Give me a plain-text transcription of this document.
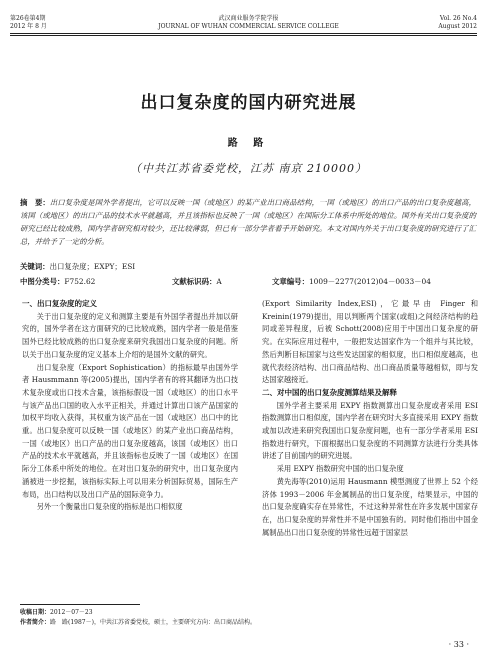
第26卷第4期
2012 年 8 月
武汉商业服务学院学报
JOURNAL OF WUHAN COMMERCIAL SERVICE COLLEGE
Vol. 26 No.4
August 2012
出口复杂度的国内研究进展
路 路
（中共江苏省委党校，江苏 南京 210000）
摘　要：出口复杂度是国外学者提出，它可以反映一国（或地区）的某产业出口商品结构，一国（或地区）的出口产品的出口复杂度越高，该国（或地区）的出口产品的技术水平就越高，并且该指标也反映了一国（或地区）在国际分工体系中所处的地位。国外有关出口复杂度的研究已经比较成熟，国内学者研究相对较少，还比较薄弱，但已有一部分学者着手开始研究。本文对国内外关于出口复杂度的研究进行了汇总，并给予了一定的分析。
关键词：出口复杂度；EXPY；ESI
中图分类号：F752.62	文献标识码：A	文章编号：1009－2277(2012)04－0033－04
一、出口复杂度的定义

关于出口复杂度的定义和测算主要是有外国学者提出并加以研究的，国外学者在这方面研究的已比较成熟，国内学者一般是借鉴国外已经比较成熟的出口复杂度来研究我国出口复杂度的问题。所以关于出口复杂度的定义基本上介绍的是国外文献的研究。

出口复杂度（Export Sophistication）的指标最早由国外学者 Hausmmann 等(2005)提出，国内学者有的将其翻译为出口技术复杂度或出口技术含量，该指标假设一国（或地区）的出口水平与该产品出口国的收入水平正相关，并通过计算出口该产品国家的加权平均收入获得，其权重为该产品在一国（或地区）出口中的比重。出口复杂度可以反映一国（或地区）的某产业出口商品结构，一国（或地区）出口产品的出口复杂度越高，该国（或地区）出口产品的技术水平就越高，并且该指标也反映了一国（或地区）在国际分工体系中所处的地位。在对出口复杂的研究中，出口复杂度内涵被进一步挖掘，该指标实际上可以用来分析国际贸易，国际生产布局，出口结构以及出口产品的国际竞争力。

另外一个衡量出口复杂度的指标是出口相似度

(Export Similarity Index,ESI)，它最早由 Finger 和 Kreinin(1979)提出，用以判断两个国家(或组)之间经济结构的趋同或差异程度，后被 Schott(2008)应用于中国出口复杂度的研究。在实际应用过程中，一般把发达国家作为一个组并与其比较，然后判断目标国家与这些发达国家的相似度，出口相似度越高，也就代表经济结构、出口商品结构、出口商品质量等越相似，即与发达国家越接近。

二、对中国的出口复杂度测算结果及解释

国外学者主要采用 EXPY 指数测算出口复杂度或者采用 ESI 指数测算出口相似度，国内学者在研究时大多直接采用 EXPY 指数或加以改进来研究我国出口复杂度问题，也有一部分学者采用 ESI 指数进行研究，下面根据出口复杂度的不同测算方法进行分类具体讲述了目前国内的研究进展。

采用 EXPY 指数研究中国的出口复杂度

黄先海等(2010)运用 Hausmann 模型测度了世界上 52 个经济体 1993－2006 年金属制品的出口复杂度，结果显示，中国的出口复杂度确实存在异常性，不过这种异常性在许多发展中国家存在，出口复杂度的异常性并不是中国独有的。同时他们指出中国金属制品出口出口复杂度的异常性远超于国家层

收稿日期：2012－07－23
作者简介：路　路(1987－)，中共江苏省委党校，硕士，主要研究方向：出口商品结构。
· 33 ·
